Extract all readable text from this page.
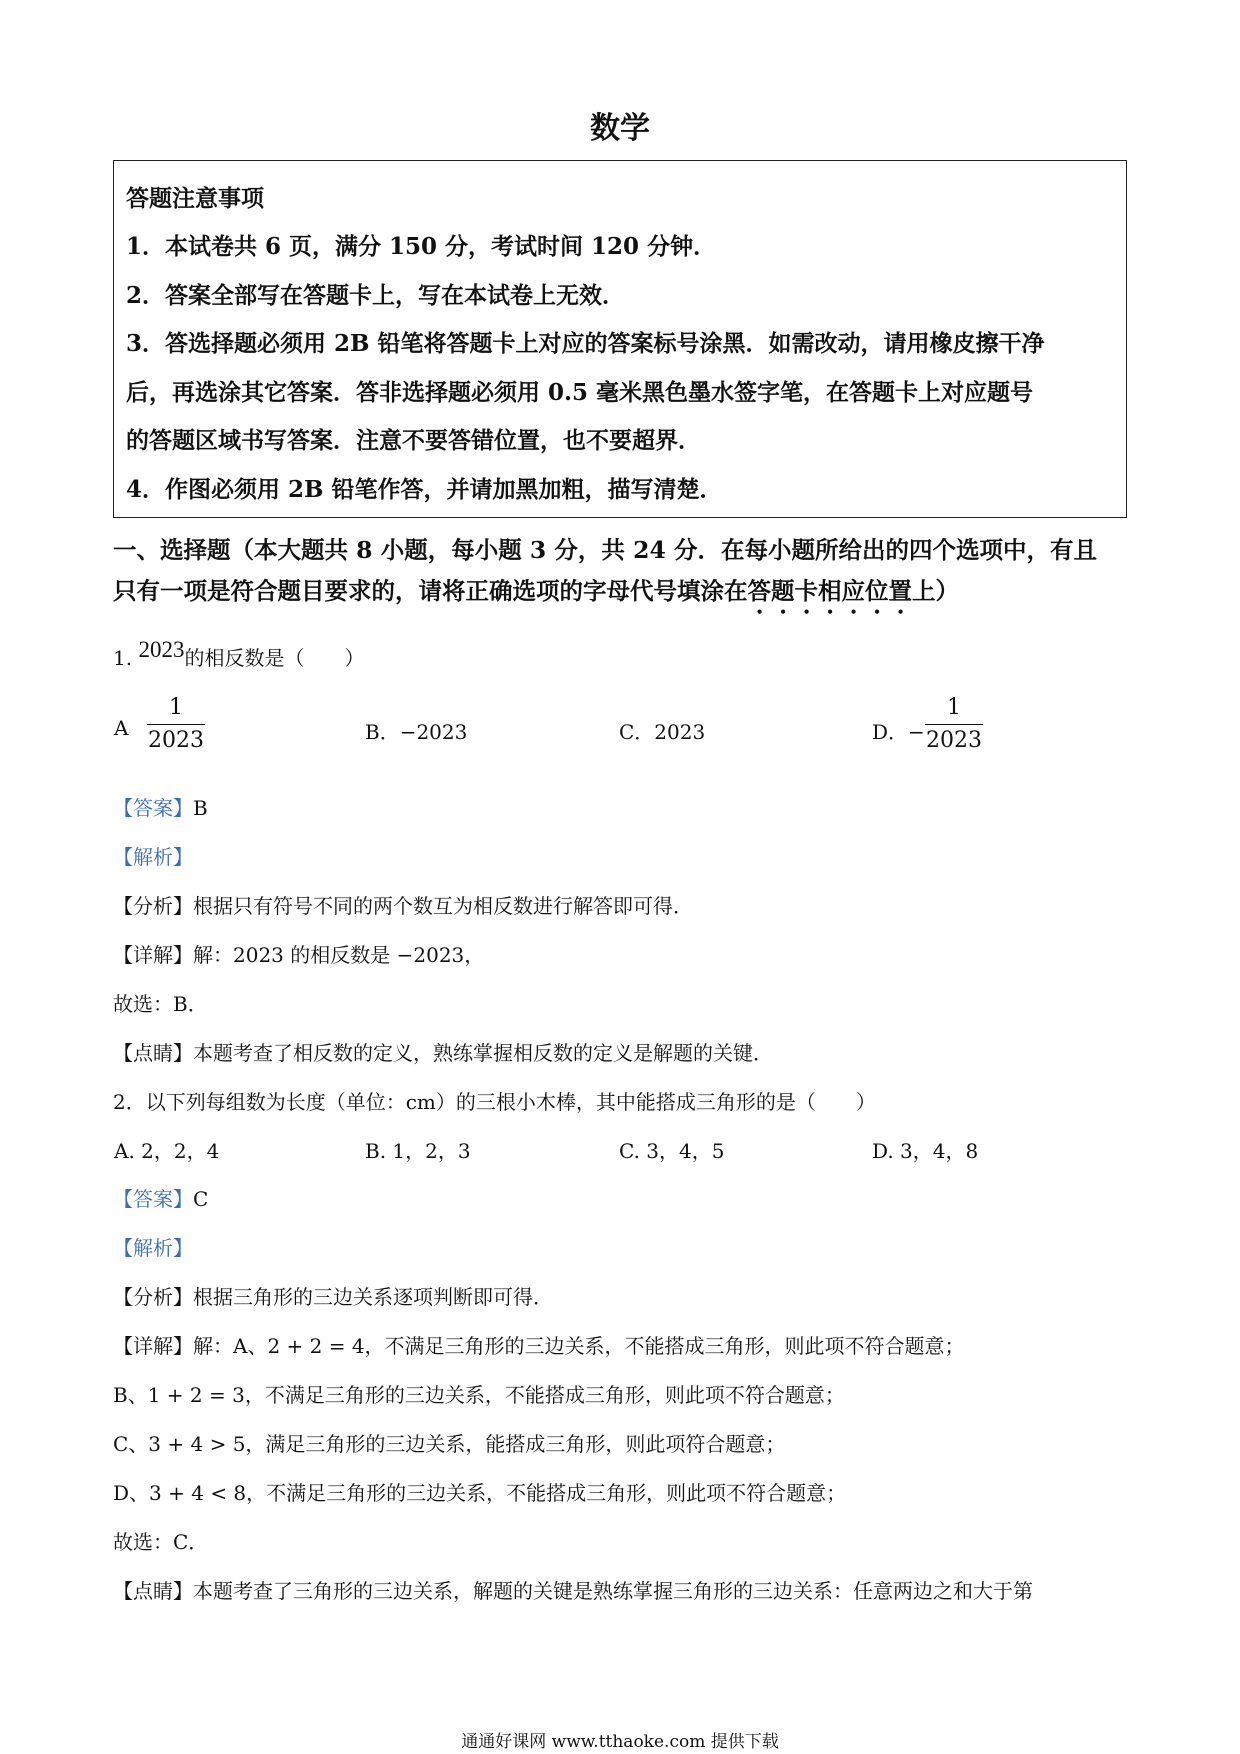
数学
答题注意事项
1．本试卷共 6 页，满分 150 分，考试时间 120 分钟．
2．答案全部写在答题卡上，写在本试卷上无效．
3．答选择题必须用 2B 铅笔将答题卡上对应的答案标号涂黑．如需改动，请用橡皮擦干净
后，再选涂其它答案．答非选择题必须用 0.5 毫米黑色墨水签字笔，在答题卡上对应题号
的答题区域书写答案．注意不要答错位置，也不要超界．
4．作图必须用 2B 铅笔作答，并请加黑加粗，描写清楚．
一、选择题（本大题共 8 小题，每小题 3 分，共 24 分．在每小题所给出的四个选项中，有且
只有一项是符合题目要求的，请将正确选项的字母代号填涂在答题卡相应位置上）
1. 2023的相反数是（　　）
A
1
2023	B．−2023	C．2023	D．−
1
2023
【答案】B
【解析】
【分析】根据只有符号不同的两个数互为相反数进行解答即可得．
【详解】解：2023 的相反数是 −2023，
故选：B．
【点睛】本题考查了相反数的定义，熟练掌握相反数的定义是解题的关键．
2．以下列每组数为长度（单位：cm）的三根小木棒，其中能搭成三角形的是（　　）
A. 2，2，4	B. 1，2，3	C. 3，4，5	D. 3，4，8
【答案】C
【解析】
【分析】根据三角形的三边关系逐项判断即可得．
【详解】解：A、2 + 2 = 4，不满足三角形的三边关系，不能搭成三角形，则此项不符合题意；
B、1 + 2 = 3，不满足三角形的三边关系，不能搭成三角形，则此项不符合题意；
C、3 + 4 > 5，满足三角形的三边关系，能搭成三角形，则此项符合题意；
D、3 + 4 < 8，不满足三角形的三边关系，不能搭成三角形，则此项不符合题意；
故选：C．
【点睛】本题考查了三角形的三边关系，解题的关键是熟练掌握三角形的三边关系：任意两边之和大于第
通通好课网 www.tthaoke.com 提供下载
